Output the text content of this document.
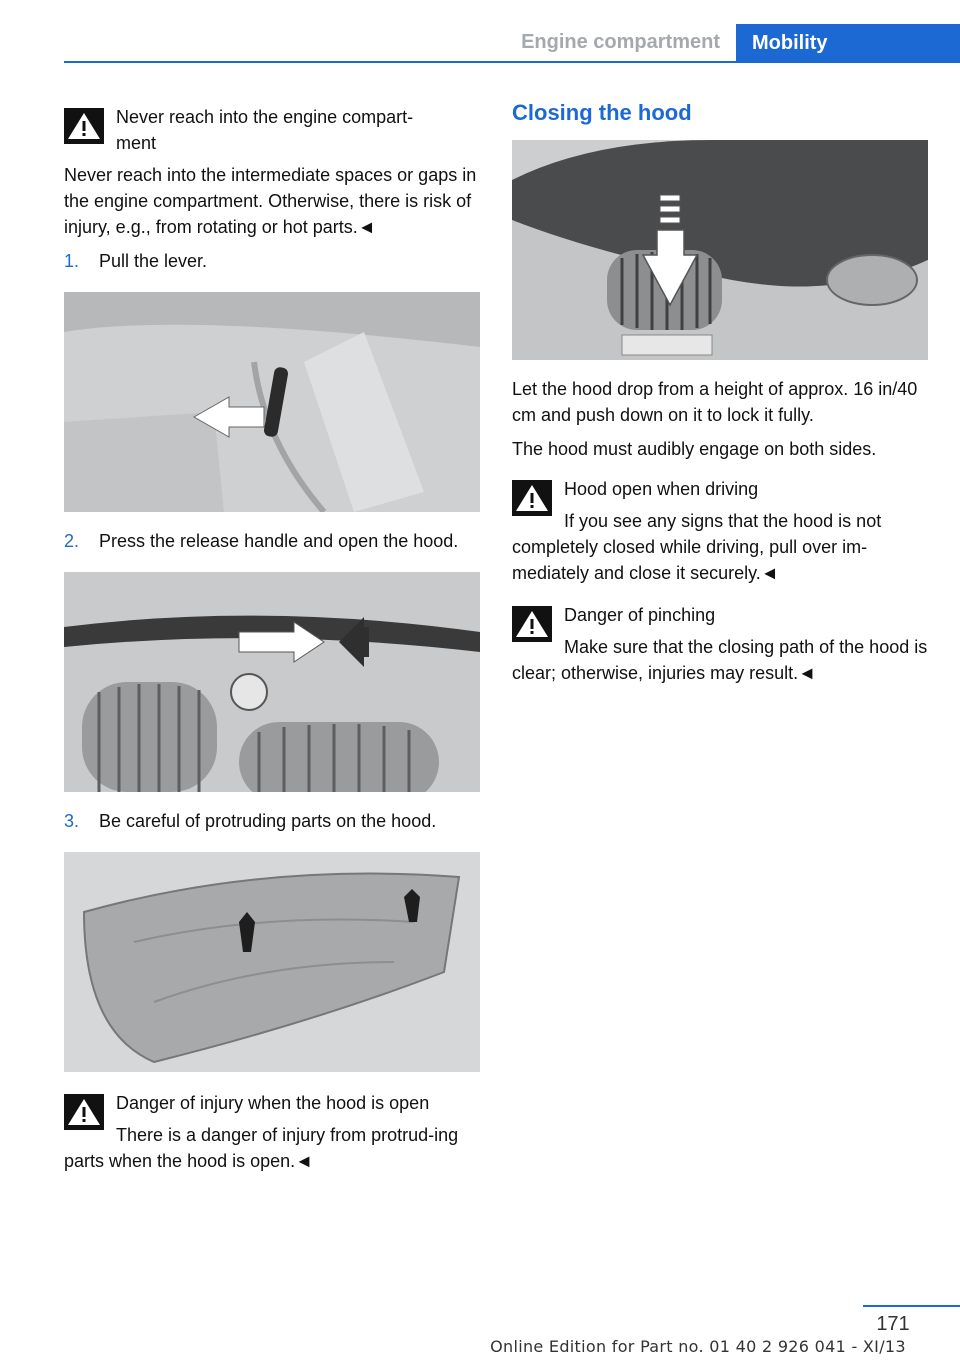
Engine compartment	Mobility
Never reach into the engine compart-ment

Never reach into the intermediate spaces or gaps in the engine compartment. Otherwise, there is risk of injury, e.g., from rotating or hot parts.◄

1. Pull the lever.
2. Press the release handle and open the hood.
3. Be careful of protruding parts on the hood.
Danger of injury when the hood is open
There is a danger of injury from protrud-ing parts when the hood is open.◄
Closing the hood

Let the hood drop from a height of approx. 16 in/40 cm and push down on it to lock it fully.

The hood must audibly engage on both sides.

Hood open when driving
If you see any signs that the hood is not completely closed while driving, pull over im-mediately and close it securely.◄
Danger of pinching
Make sure that the closing path of the hood is clear; otherwise, injuries may result.◄
171
Online Edition for Part no. 01 40 2 926 041 - XI/13
